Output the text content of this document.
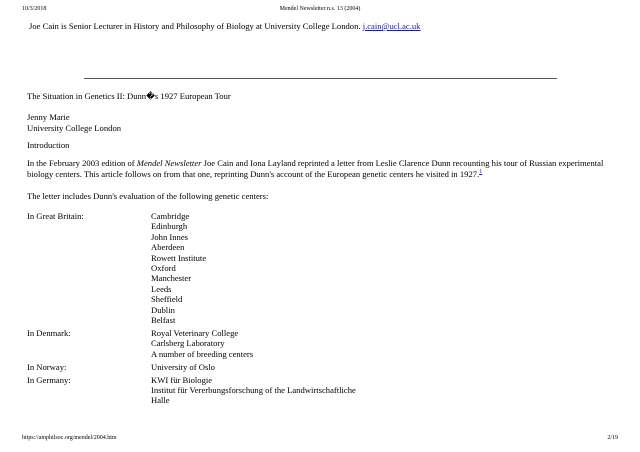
10/3/2018	Mendel Newsletter n.s. 13 (2004)
Joe Cain is Senior Lecturer in History and Philosophy of Biology at University College London. j.cain@ucl.ac.uk
The Situation in Genetics II: Dunn�s 1927 European Tour
Jenny Marie
University College London
Introduction
In the February 2003 edition of Mendel Newsletter Joe Cain and Iona Layland reprinted a letter from Leslie Clarence Dunn recounting his tour of Russian experimental biology centers. This article follows on from that one, reprinting Dunn's account of the European genetic centers he visited in 1927.$^1$
The letter includes Dunn's evaluation of the following genetic centers:
In Great Britain:	Cambridge
Edinburgh
John Innes
Aberdeen
Rowett Institute
Oxford
Manchester
Leeds
Sheffield
Dublin
Belfast
In Denmark:	Royal Veterinary College
Carlsberg Laboratory
A number of breeding centers
In Norway:	University of Oslo
In Germany:	KWI für Biologie
Institut für Vererbungsforschung of the Landwirtschaftliche
Halle
https://amphilsoc.org/mendel/2004.htm	2/19
